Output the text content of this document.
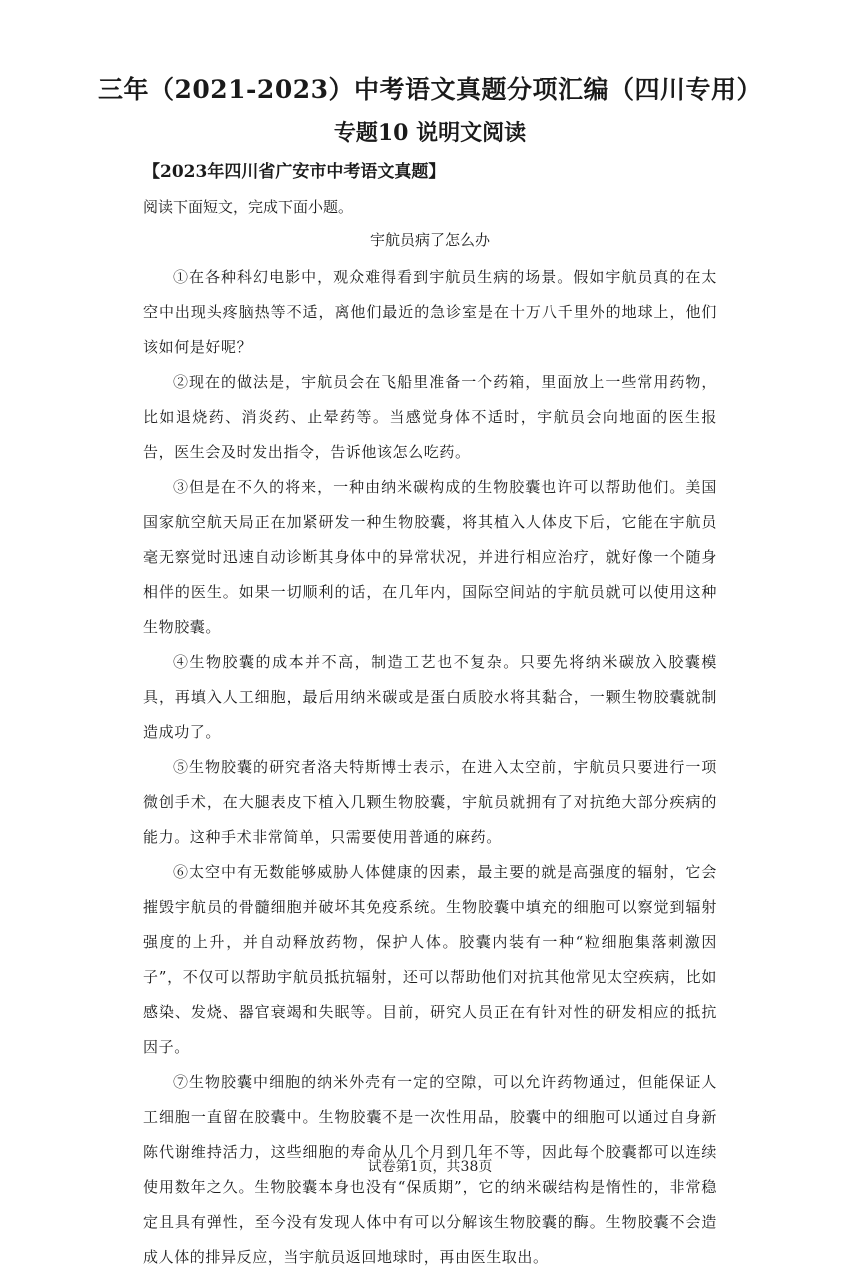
三年（2021-2023）中考语文真题分项汇编（四川专用）
专题10 说明文阅读

【2023年四川省广安市中考语文真题】

阅读下面短文，完成下面小题。

宇航员病了怎么办

①在各种科幻电影中，观众难得看到宇航员生病的场景。假如宇航员真的在太空中出现头疼脑热等不适，离他们最近的急诊室是在十万八千里外的地球上，他们该如何是好呢？

②现在的做法是，宇航员会在飞船里准备一个药箱，里面放上一些常用药物，比如退烧药、消炎药、止晕药等。当感觉身体不适时，宇航员会向地面的医生报告，医生会及时发出指令，告诉他该怎么吃药。

③但是在不久的将来，一种由纳米碳构成的生物胶囊也许可以帮助他们。美国国家航空航天局正在加紧研发一种生物胶囊，将其植入人体皮下后，它能在宇航员毫无察觉时迅速自动诊断其身体中的异常状况，并进行相应治疗，就好像一个随身相伴的医生。如果一切顺利的话，在几年内，国际空间站的宇航员就可以使用这种生物胶囊。

④生物胶囊的成本并不高，制造工艺也不复杂。只要先将纳米碳放入胶囊模具，再填入人工细胞，最后用纳米碳或是蛋白质胶水将其黏合，一颗生物胶囊就制造成功了。

⑤生物胶囊的研究者洛夫特斯博士表示，在进入太空前，宇航员只要进行一项微创手术，在大腿表皮下植入几颗生物胶囊，宇航员就拥有了对抗绝大部分疾病的能力。这种手术非常简单，只需要使用普通的麻药。

⑥太空中有无数能够威胁人体健康的因素，最主要的就是高强度的辐射，它会摧毁宇航员的骨髓细胞并破坏其免疫系统。生物胶囊中填充的细胞可以察觉到辐射强度的上升，并自动释放药物，保护人体。胶囊内装有一种“粒细胞集落刺激因子”，不仅可以帮助宇航员抵抗辐射，还可以帮助他们对抗其他常见太空疾病，比如感染、发烧、器官衰竭和失眠等。目前，研究人员正在有针对性的研发相应的抵抗因子。

⑦生物胶囊中细胞的纳米外壳有一定的空隙，可以允许药物通过，但能保证人工细胞一直留在胶囊中。生物胶囊不是一次性用品，胶囊中的细胞可以通过自身新陈代谢维持活力，这些细胞的寿命从几个月到几年不等，因此每个胶囊都可以连续使用数年之久。生物胶囊本身也没有“保质期”，它的纳米碳结构是惰性的，非常稳定且具有弹性，至今没有发现人体中有可以分解该生物胶囊的酶。生物胶囊不会造成人体的排异反应，当宇航员返回地球时，再由医生取出。

试卷第1页，共38页
